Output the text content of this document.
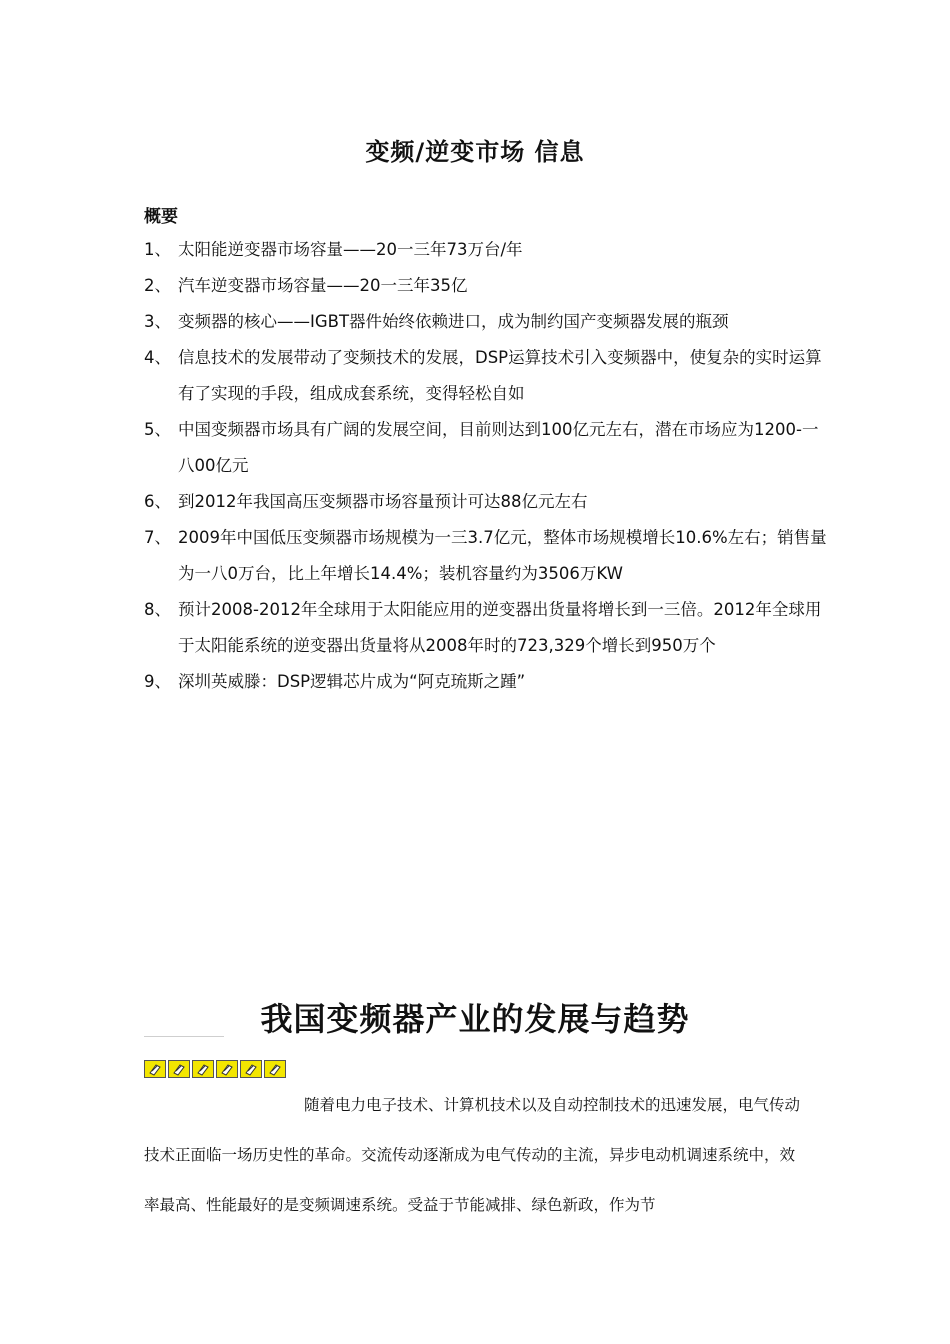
变频/逆变市场 信息
概要
1、 太阳能逆变器市场容量——20一三年73万台/年
2、 汽车逆变器市场容量——20一三年35亿
3、 变频器的核心——IGBT器件始终依赖进口，成为制约国产变频器发展的瓶颈
4、 信息技术的发展带动了变频技术的发展，DSP运算技术引入变频器中，使复杂的实时运算有了实现的手段，组成成套系统，变得轻松自如
5、 中国变频器市场具有广阔的发展空间，目前则达到100亿元左右，潜在市场应为1200-一八00亿元
6、 到2012年我国高压变频器市场容量预计可达88亿元左右
7、 2009年中国低压变频器市场规模为一三3.7亿元，整体市场规模增长10.6%左右；销售量为一八0万台，比上年增长14.4%；装机容量约为3506万KW
8、 预计2008-2012年全球用于太阳能应用的逆变器出货量将增长到一三倍。2012年全球用于太阳能系统的逆变器出货量将从2008年时的723,329个增长到950万个
9、 深圳英威滕：DSP逻辑芯片成为“阿克琉斯之踵”
我国变频器产业的发展与趋势

随着电力电子技术、计算机技术以及自动控制技术的迅速发展，电气传动技术正面临一场历史性的革命。交流传动逐渐成为电气传动的主流，异步电动机调速系统中，效率最高、性能最好的是变频调速系统。受益于节能减排、绿色新政，作为节
